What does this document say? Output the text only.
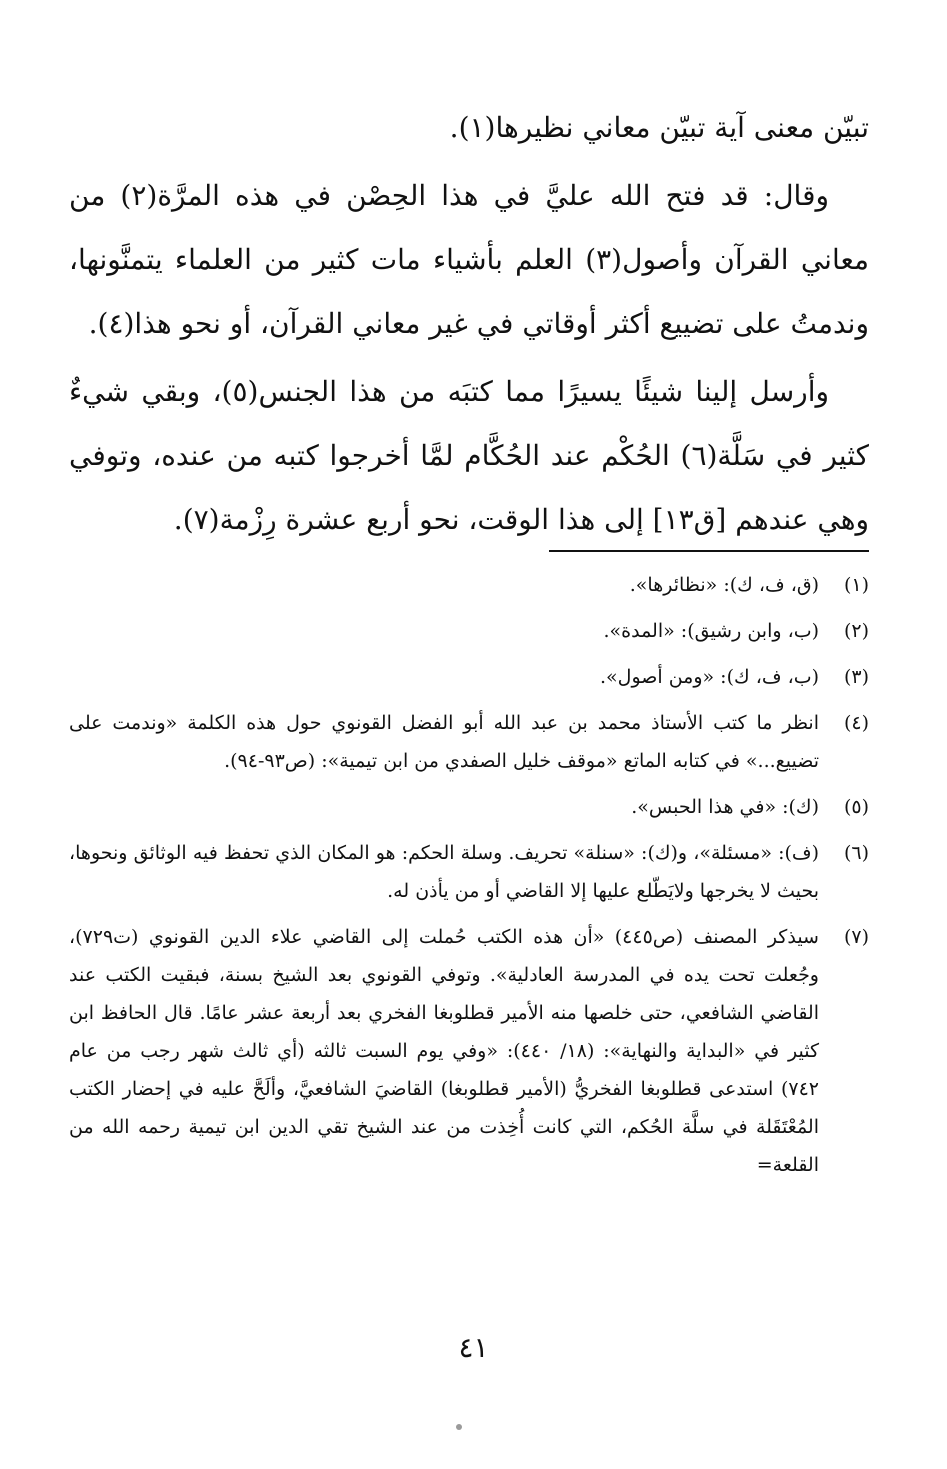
تبيّن معنى آية تبيّن معاني نظيرها(١).

وقال: قد فتح الله عليَّ في هذا الحِصْن في هذه المرَّة(٢) من معاني القرآن وأصول(٣) العلم بأشياء مات كثير من العلماء يتمنَّونها، وندمتُ على تضييع أكثر أوقاتي في غير معاني القرآن، أو نحو هذا(٤).

وأرسل إلينا شيئًا يسيرًا مما كتبَه من هذا الجنس(٥)، وبقي شيءٌ كثير في سَلَّة(٦) الحُكْم عند الحُكَّام لمَّا أخرجوا كتبه من عنده، وتوفي وهي عندهم [ق١٣] إلى هذا الوقت، نحو أربع عشرة رِزْمة(٧).

(١)
(ق، ف، ك): «نظائرها».
(٢)
(ب، وابن رشيق): «المدة».
(٣)
(ب، ف، ك): «ومن أصول».
(٤)
انظر ما كتب الأستاذ محمد بن عبد الله أبو الفضل القونوي حول هذه الكلمة «وندمت على تضييع...» في كتابه الماتع «موقف خليل الصفدي من ابن تيمية»: (ص٩٣-٩٤).
(٥)
(ك): «في هذا الحبس».
(٦)
(ف): «مسئلة»، و(ك): «سنلة» تحريف. وسلة الحكم: هو المكان الذي تحفظ فيه الوثائق ونحوها، بحيث لا يخرجها ولايَطّلع عليها إلا القاضي أو من يأذن له.
(٧)
سيذكر المصنف (ص٤٤٥) «أن هذه الكتب حُملت إلى القاضي علاء الدين القونوي (ت٧٢٩)، وجُعلت تحت يده في المدرسة العادلية». وتوفي القونوي بعد الشيخ بسنة، فبقيت الكتب عند القاضي الشافعي، حتى خلصها منه الأمير قطلوبغا الفخري بعد أربعة عشر عامًا. قال الحافظ ابن كثير في «البداية والنهاية»: (١٨/ ٤٤٠): «وفي يوم السبت ثالثه (أي ثالث شهر رجب من عام ٧٤٢) استدعى قطلوبغا الفخريُّ (الأمير قطلوبغا) القاضيَ الشافعيَّ، وألَحَّ عليه في إحضار الكتب المُعْتَقَلة في سلَّة الحُكم، التي كانت أُخِذت من عند الشيخ تقي الدين ابن تيمية رحمه الله من القلعة=
٤١
